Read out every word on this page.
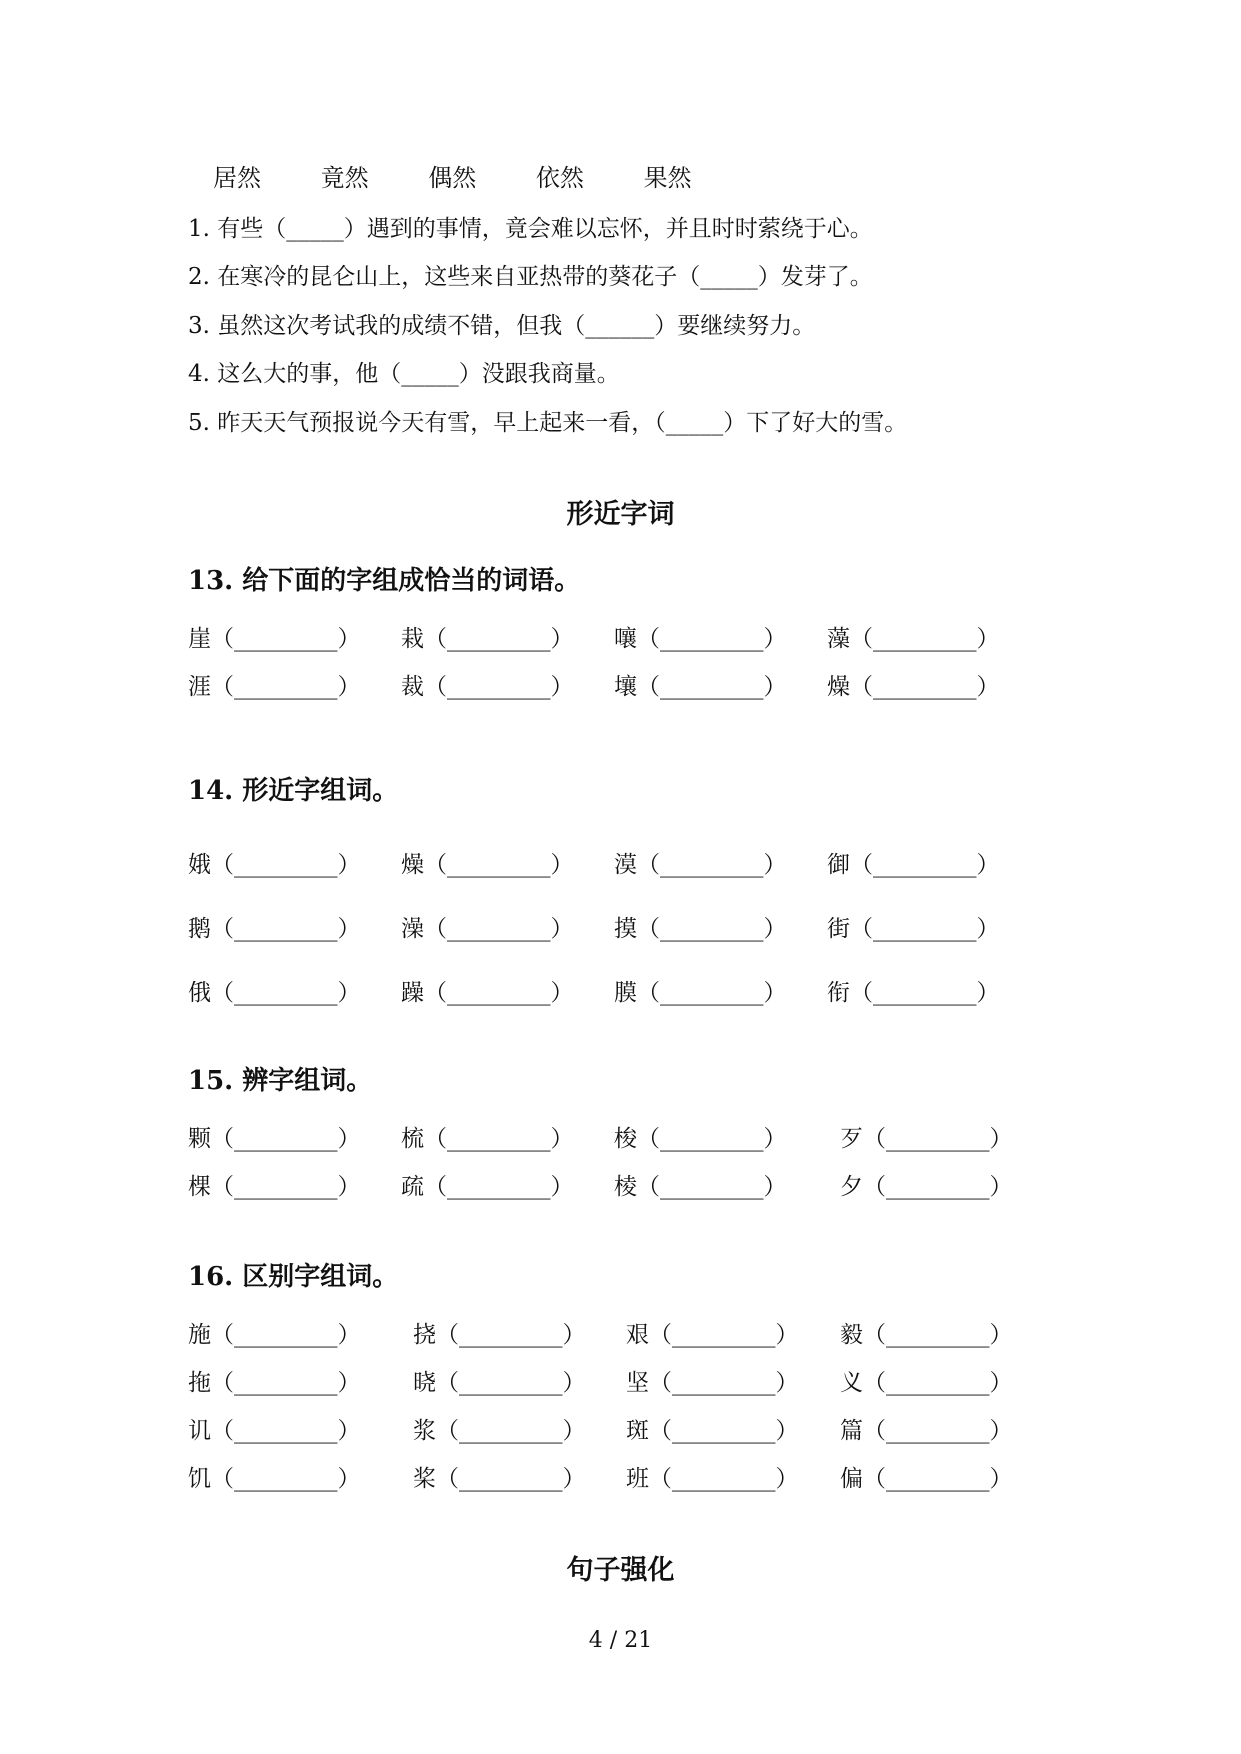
居然 竟然 偶然 依然 果然
1. 有些（_____）遇到的事情，竟会难以忘怀，并且时时萦绕于心。
2. 在寒冷的昆仑山上，这些来自亚热带的葵花子（_____）发芽了。
3. 虽然这次考试我的成绩不错，但我（______）要继续努力。
4. 这么大的事，他（_____）没跟我商量。
5. 昨天天气预报说今天有雪，早上起来一看，（_____）下了好大的雪。
形近字词
13. 给下面的字组成恰当的词语。
崖（_________） 栽（_________） 嚷（_________） 藻（_________）
涯（_________） 裁（_________） 壤（_________） 燥（_________）
14. 形近字组词。
娥（_________） 燥（_________） 漠（_________） 御（_________）
鹅（_________） 澡（_________） 摸（_________） 街（_________）
俄（_________） 躁（_________） 膜（_________） 衔（_________）
15. 辨字组词。
颗（_________） 梳（_________） 梭（_________） 歹（_________）
棵（_________） 疏（_________） 棱（_________） 夕（_________）
16. 区别字组词。
施（_________） 挠（_________） 艰（_________） 毅（_________）
拖（_________） 晓（_________） 坚（_________） 义（_________）
讥（_________） 浆（_________） 斑（_________） 篇（_________）
饥（_________） 桨（_________） 班（_________） 偏（_________）
句子强化
4 / 21
